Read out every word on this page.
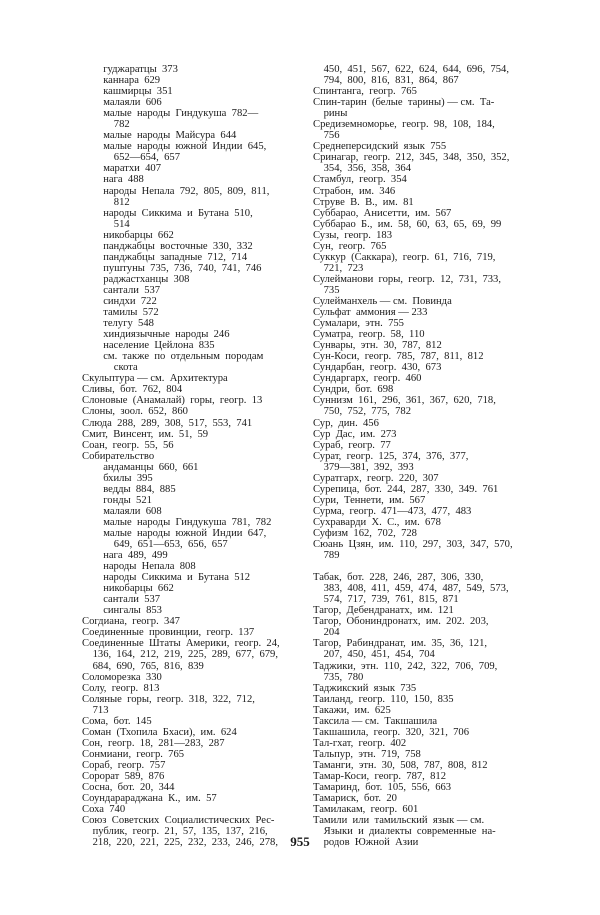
гуджаратцы  373
каннара  629
кашмирцы  351
малаяли  606
малые  народы  Гиндукуша  782—
782
малые  народы  Майсура  644
малые  народы  южной  Индии  645,
652—654,  657
маратхи  407
нага  488
народы  Непала  792,  805,  809,  811,
812
народы  Сиккима  и  Бутана  510,
514
никобарцы  662
панджабцы  восточные  330,  332
панджабцы  западные  712,  714
пуштуны  735,  736,  740,  741,  746
раджастханцы  308
сантали  537
синдхи  722
тамилы  572
телугу  548
хиндиязычные  народы  246
население  Цейлона  835
см.  также  по  отдельным  породам
скота
Скульптура — см.  Архитектура
Сливы,  бот.  762,  804
Слоновые  (Анамалай)  горы,  геогр.  13
Слоны,  зоол.  652,  860
Слюда  288,  289,  308,  517,  553,  741
Смит,  Винсент,  им.  51,  59
Соан,  геогр.  55,  56
Собирательство
андаманцы  660,  661
бхилы  395
ведды  884,  885
гонды  521
малаяли  608
малые  народы  Гиндукуша  781,  782
малые  народы  южной  Индии  647,
649,  651—653,  656,  657
нага  489,  499
народы  Непала  808
народы  Сиккима  и  Бутана  512
никобарцы  662
сантали  537
сингалы  853
Согдиана,  геогр.  347
Соединенные  провинции,  геогр.  137
Соединенные  Штаты  Америки,  геогр.  24,
136,  164,  212,  219,  225,  289,  677,  679,
684,  690,  765,  816,  839
Соломорезка  330
Солу,  геогр.  813
Соляные  горы,  геогр.  318,  322,  712,
713
Сома,  бот.  145
Соман  (Тхопила  Бхаси),  им.  624
Сон,  геогр.  18,  281—283,  287
Сонмиани,  геогр.  765
Сораб,  геогр.  757
Сорорат  589,  876
Сосна,  бот.  20,  344
Соундарараджана  К.,  им.  57
Соха  740
Союз  Советских  Социалистических  Рес-
публик,  геогр.  21,  57,  135,  137,  216,
218,  220,  221,  225,  232,  233,  246,  278,
450,  451,  567,  622,  624,  644,  696,  754,
794,  800,  816,  831,  864,  867
Спинтанга,  геогр.  765
Спин-тарин  (белые  тарины) — см.  Та-
рины
Средиземноморье,  геогр.  98,  108,  184,
756
Среднеперсидский  язык  755
Сринагар,  геогр.  212,  345,  348,  350,  352,
354,  356,  358,  364
Стамбул,  геогр.  354
Страбон,  им.  346
Струве  В.  В.,  им.  81
Суббарао,  Анисетти,  им.  567
Суббарао  Б.,  им.  58,  60,  63,  65,  69,  99
Сузы,  геогр.  183
Сун,  геогр.  765
Суккур  (Саккара),  геогр.  61,  716,  719,
721,  723
Сулейманови  горы,  геогр.  12,  731,  733,
735
Сулейманхель — см.  Повинда
Сульфат  аммония — 233
Сумалари,  этн.  755
Суматра,  геогр.  58,  110
Сунвары,  этн.  30,  787,  812
Сун-Коси,  геогр.  785,  787,  811,  812
Сундарбан,  геогр.  430,  673
Сундаргарх,  геогр.  460
Сундри,  бот.  698
Суннизм  161,  296,  361,  367,  620,  718,
750,  752,  775,  782
Сур,  дин.  456
Сур  Дас,  им.  273
Сураб,  геогр.  77
Сурат,  геогр.  125,  374,  376,  377,
379—381,  392,  393
Суратгарх,  геогр.  220,  307
Сурепица,  бот.  244,  287,  330,  349.  761
Сури,  Теннети,  им.  567
Сурма,  геогр.  471—473,  477,  483
Сухраварди  Х.  С.,  им.  678
Суфизм  162,  702,  728
Сюань  Цзян,  им.  110,  297,  303,  347,  570,
789
Табак,  бот.  228,  246,  287,  306,  330,
383,  408,  411,  459,  474,  487,  549,  573,
574,  717,  739,  761,  815,  871
Тагор,  Дебендранатх,  им.  121
Тагор,  Обониндронатх,  им.  202.  203,
204
Тагор,  Рабиндранат,  им.  35,  36,  121,
207,  450,  451,  454,  704
Таджики,  этн.  110,  242,  322,  706,  709,
735,  780
Таджикский  язык  735
Таиланд,  геогр.  110,  150,  835
Такажи,  им.  625
Таксила — см.  Такшашила
Такшашила,  геогр.  320,  321,  706
Тал-гхат,  геогр.  402
Тальпур,  этн.  719,  758
Таманги,  этн.  30,  508,  787,  808,  812
Тамар-Коси,  геогр.  787,  812
Тамаринд,  бот.  105,  556,  663
Тамариск,  бот.  20
Тамилакам,  геогр.  601
Тамили  или  тамильский  язык — см.
Языки  и  диалекты  современные  на-
родов  Южной  Азии
955
